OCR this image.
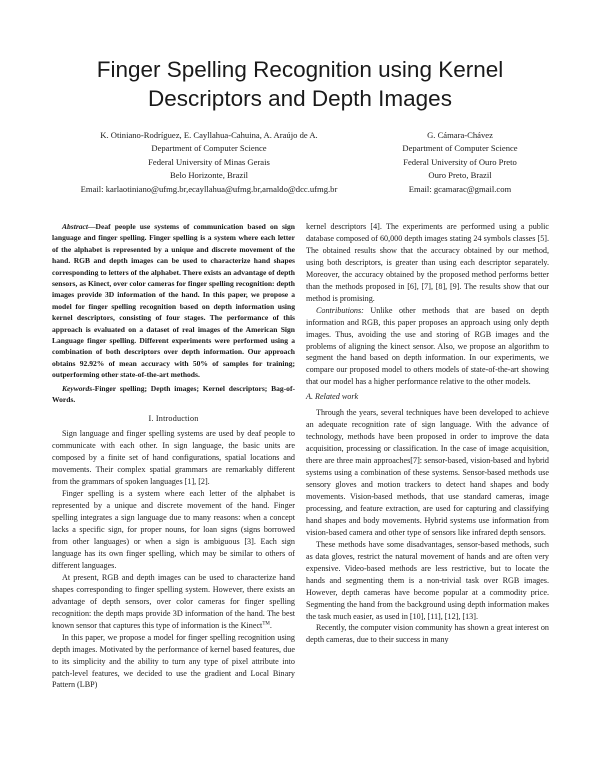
Finger Spelling Recognition using Kernel
Descriptors and Depth Images
K. Otiniano-Rodríguez, E. Cayllahua-Cahuina, A. Araújo de A.
Department of Computer Science
Federal University of Minas Gerais
Belo Horizonte, Brazil
Email: karlaotiniano@ufmg.br,ecayllahua@ufmg.br,arnaldo@dcc.ufmg.br
G. Cámara-Chávez
Department of Computer Science
Federal University of Ouro Preto
Ouro Preto, Brazil
Email: gcamarac@gmail.com

Abstract—Deaf people use systems of communication based on sign language and finger spelling. Finger spelling is a system where each letter of the alphabet is represented by a unique and discrete movement of the hand. RGB and depth images can be used to characterize hand shapes corresponding to letters of the alphabet. There exists an advantage of depth sensors, as Kinect, over color cameras for finger spelling recognition: depth images provide 3D information of the hand. In this paper, we propose a model for finger spelling recognition based on depth information using kernel descriptors, consisting of four stages. The performance of this approach is evaluated on a dataset of real images of the American Sign Language finger spelling. Different experiments were performed using a combination of both descriptors over depth information. Our approach obtains 92.92% of mean accuracy with 50% of samples for training; outperforming other state-of-the-art methods.

Keywords-Finger spelling; Depth images; Kernel descriptors; Bag-of-Words.

I. Introduction

Sign language and finger spelling systems are used by deaf people to communicate with each other. In sign language, the basic units are composed by a finite set of hand configurations, spatial locations and movements. Their complex spatial grammars are remarkably different from the grammars of spoken languages [1], [2].

Finger spelling is a system where each letter of the alphabet is represented by a unique and discrete movement of the hand. Finger spelling integrates a sign language due to many reasons: when a concept lacks a specific sign, for proper nouns, for loan signs (signs borrowed from other languages) or when a sign is ambiguous [3]. Each sign language has its own finger spelling, which may be similar to others of different languages.

At present, RGB and depth images can be used to characterize hand shapes corresponding to finger spelling system. However, there exists an advantage of depth sensors, over color cameras for finger spelling recognition: the depth maps provide 3D information of the hand. The best known sensor that captures this type of information is the Kinect™.

In this paper, we propose a model for finger spelling recognition using depth images. Motivated by the performance of kernel based features, due to its simplicity and the ability to turn any type of pixel attribute into patch-level features, we decided to use the gradient and Local Binary Pattern (LBP)

kernel descriptors [4]. The experiments are performed using a public database composed of 60,000 depth images stating 24 symbols classes [5]. The obtained results show that the accuracy obtained by our method, using both descriptors, is greater than using each descriptor separately. Moreover, the accuracy obtained by the proposed method performs better than the methods proposed in [6], [7], [8], [9]. The results show that our method is promising.

Contributions: Unlike other methods that are based on depth information and RGB, this paper proposes an approach using only depth images. Thus, avoiding the use and storing of RGB images and the problems of aligning the kinect sensor. Also, we propose an algorithm to segment the hand based on depth information. In our experiments, we compare our proposed model to others models of state-of-the-art showing that our model has a higher performance relative to the other models.

A. Related work

Through the years, several techniques have been developed to achieve an adequate recognition rate of sign language. With the advance of technology, methods have been proposed in order to improve the data acquisition, processing or classification. In the case of image acquisition, there are three main approaches[7]: sensor-based, vision-based and hybrid systems using a combination of these systems. Sensor-based methods use sensory gloves and motion trackers to detect hand shapes and body movements. Vision-based methods, that use standard cameras, image processing, and feature extraction, are used for capturing and classifying hand shapes and body movements. Hybrid systems use information from vision-based camera and other type of sensors like infrared depth sensors.

These methods have some disadvantages, sensor-based methods, such as data gloves, restrict the natural movement of hands and are often very expensive. Video-based methods are less restrictive, but to locate the hands and segmenting them is a non-trivial task over RGB images. However, depth cameras have become popular at a commodity price. Segmenting the hand from the background using depth information makes the task much easier, as used in [10], [11], [12], [13].

Recently, the computer vision community has shown a great interest on depth cameras, due to their success in many
